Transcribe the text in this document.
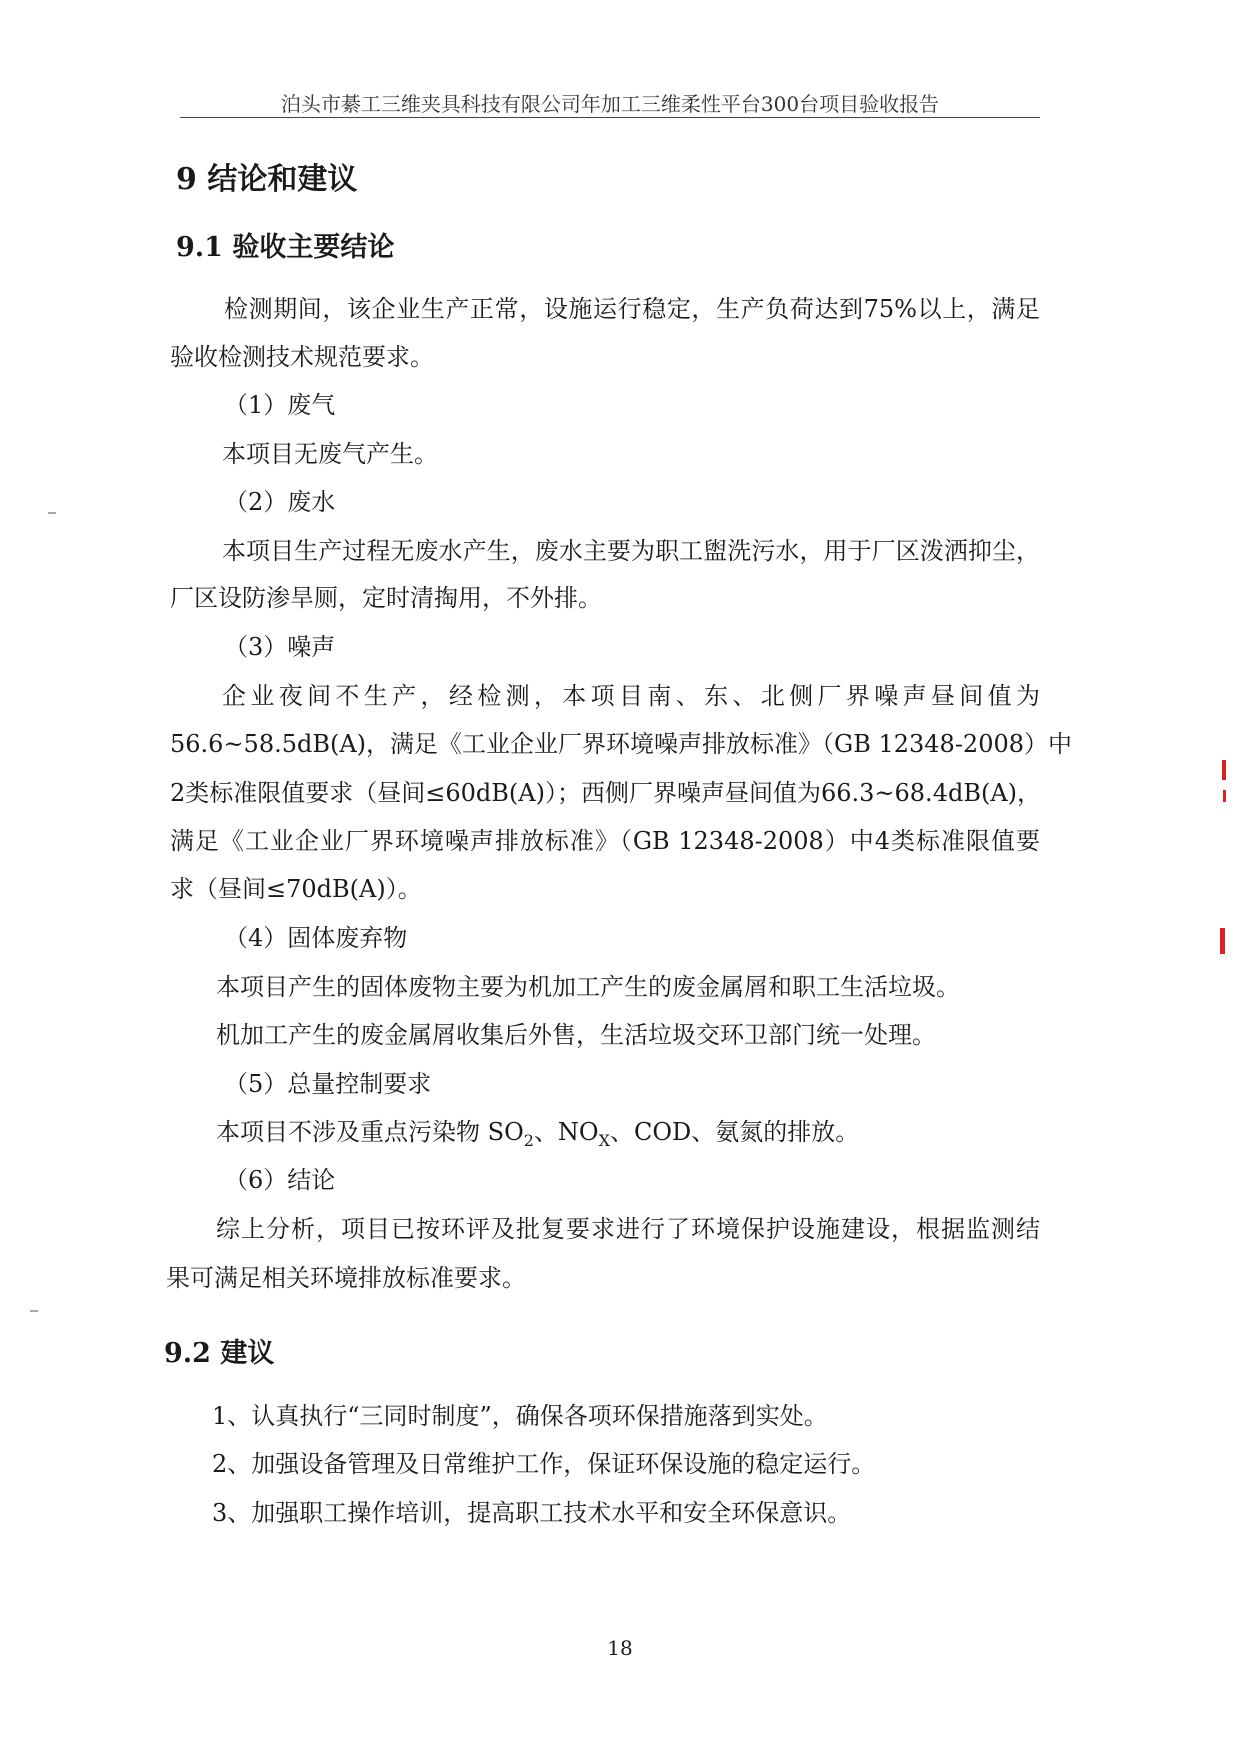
泊头市綦工三维夹具科技有限公司年加工三维柔性平台300台项目验收报告
9 结论和建议
9.1 验收主要结论
检测期间，该企业生产正常，设施运行稳定，生产负荷达到75%以上，满足
验收检测技术规范要求。
（1）废气
本项目无废气产生。
（2）废水
本项目生产过程无废水产生，废水主要为职工盥洗污水，用于厂区泼洒抑尘，
厂区设防渗旱厕，定时清掏用，不外排。
（3）噪声
企业夜间不生产，经检测，本项目南、东、北侧厂界噪声昼间值为
56.6~58.5dB(A)，满足《工业企业厂界环境噪声排放标准》（GB 12348-2008）中
2类标准限值要求（昼间≤60dB(A)）；西侧厂界噪声昼间值为66.3~68.4dB(A)，
满足《工业企业厂界环境噪声排放标准》（GB 12348-2008）中4类标准限值要
求（昼间≤70dB(A)）。
（4）固体废弃物
本项目产生的固体废物主要为机加工产生的废金属屑和职工生活垃圾。
机加工产生的废金属屑收集后外售，生活垃圾交环卫部门统一处理。
（5）总量控制要求
本项目不涉及重点污染物 $SO_2$、$NO_X$、COD、氨氮的排放。
（6）结论
综上分析，项目已按环评及批复要求进行了环境保护设施建设，根据监测结
果可满足相关环境排放标准要求。
9.2 建议
1、认真执行“三同时制度”，确保各项环保措施落到实处。
2、加强设备管理及日常维护工作，保证环保设施的稳定运行。
3、加强职工操作培训，提高职工技术水平和安全环保意识。
18
